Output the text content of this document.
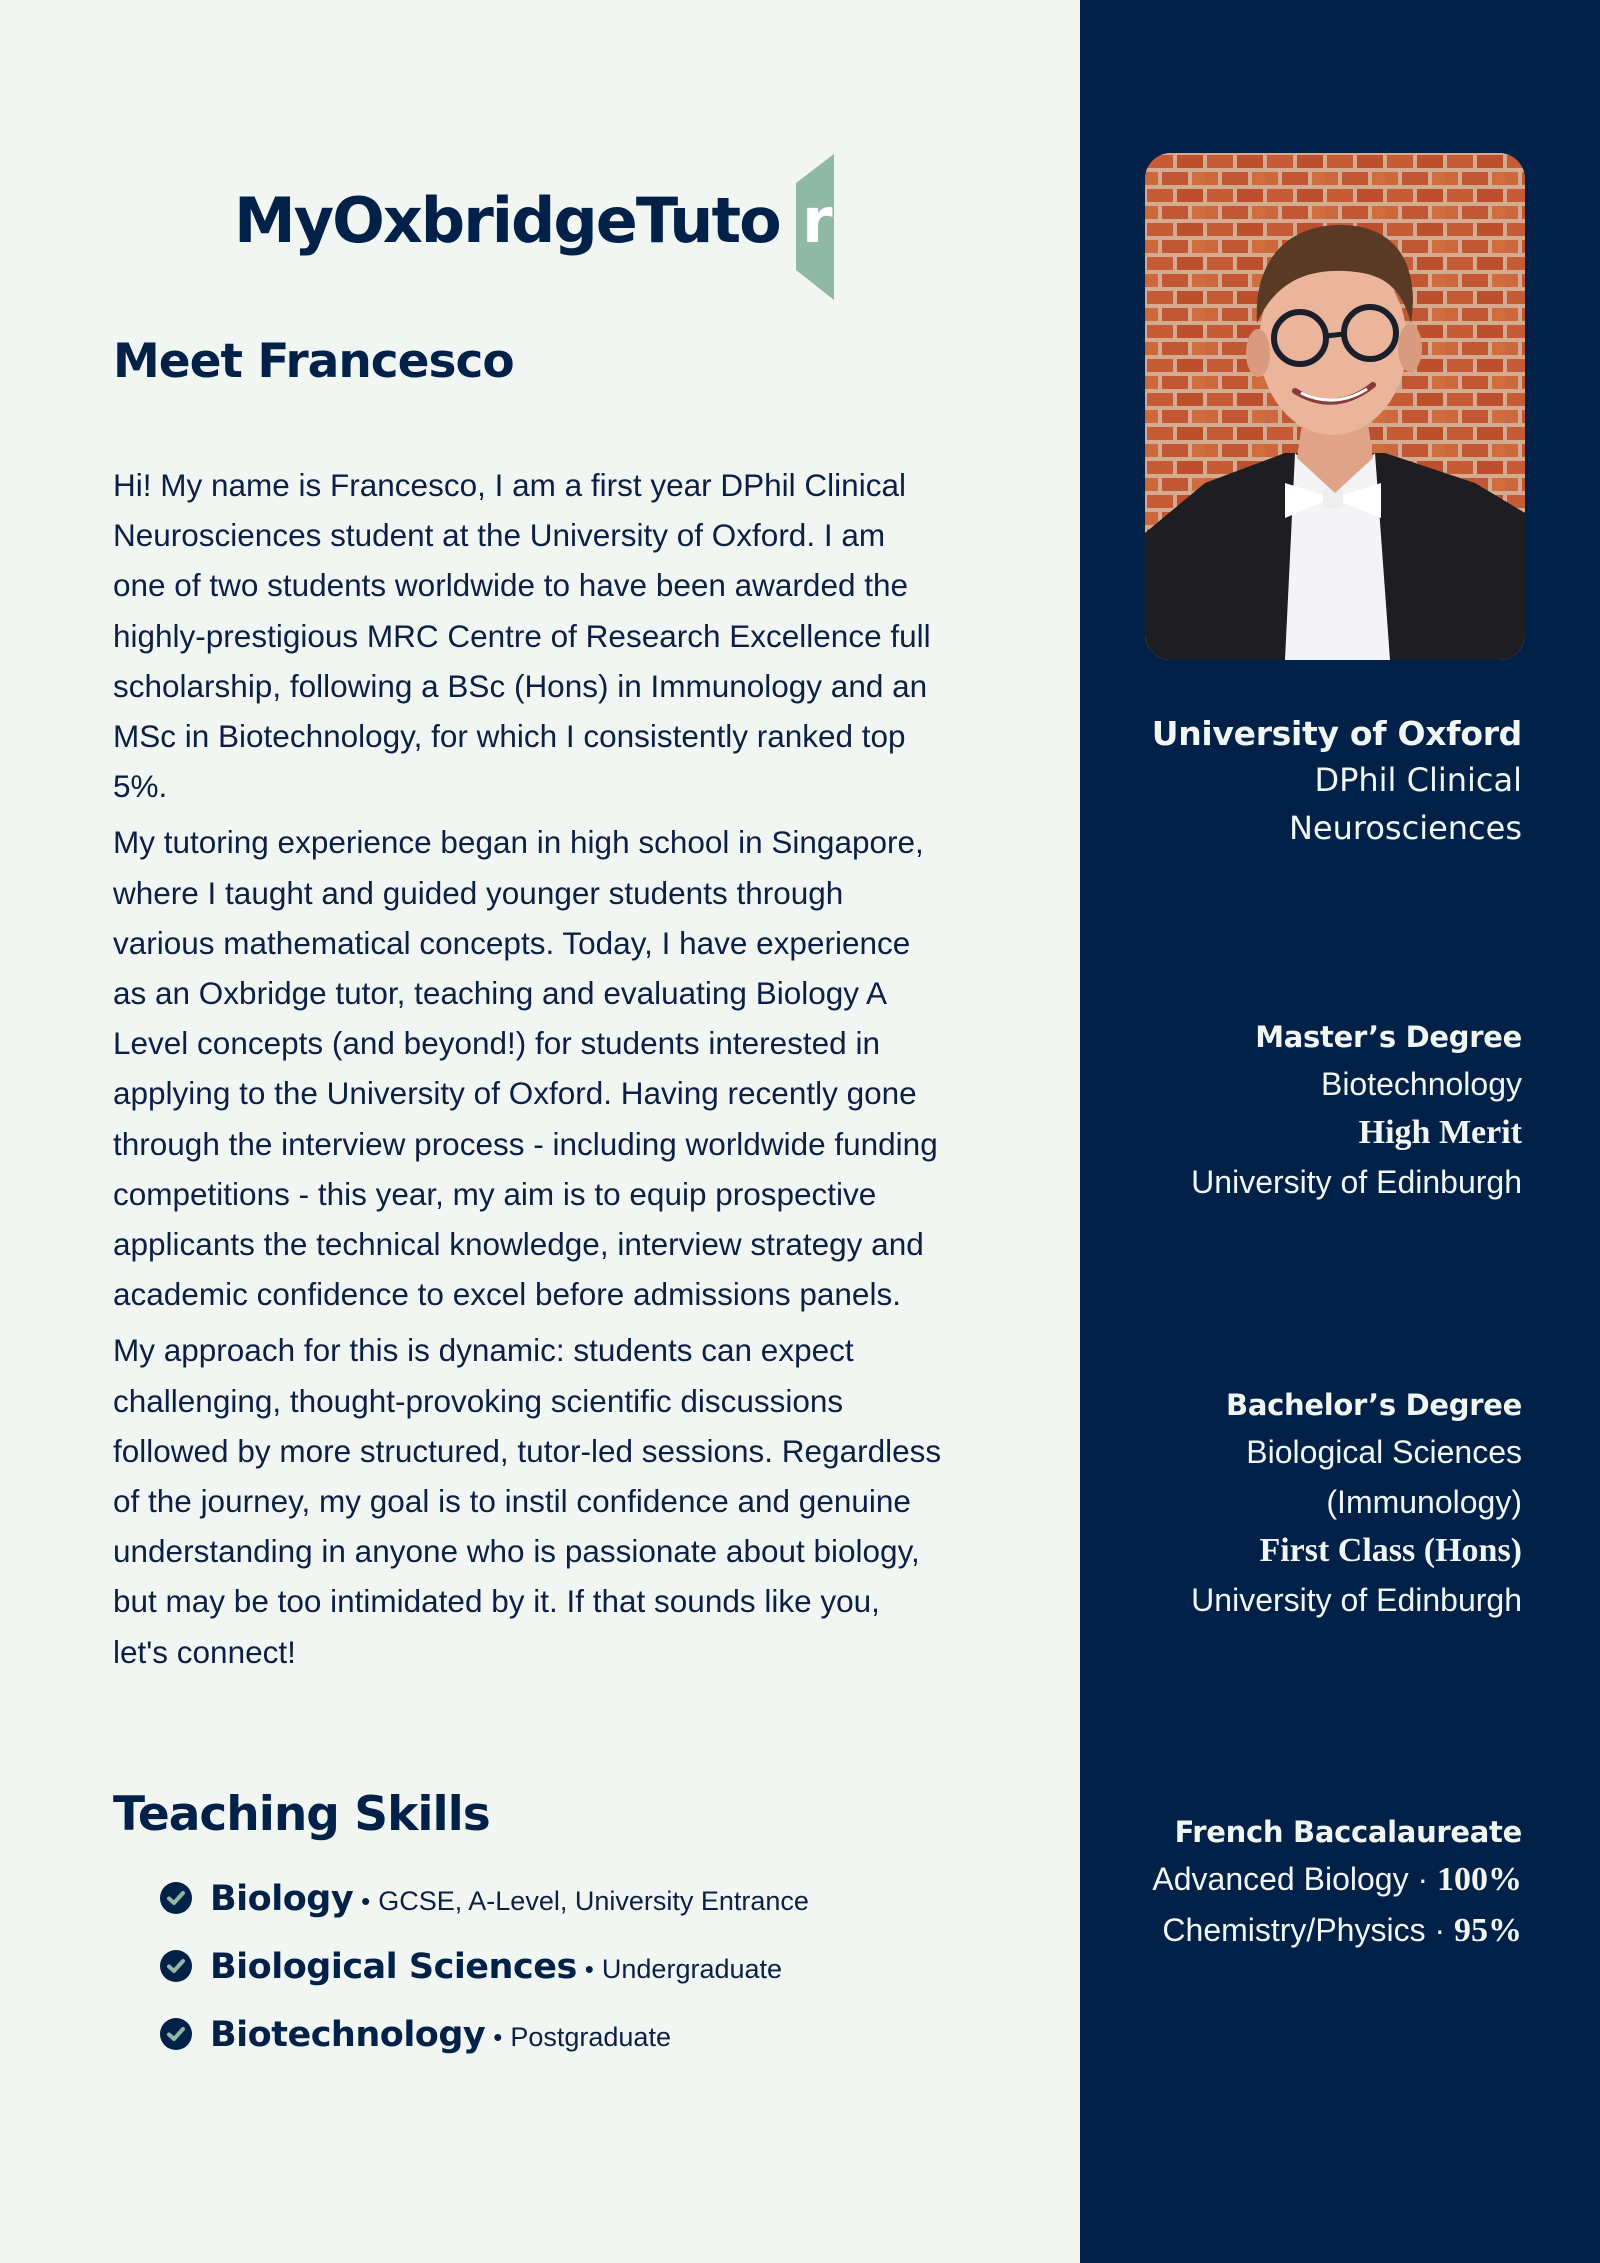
MyOxbridgeTuto r
Meet Francesco

Hi! My name is Francesco, I am a first year DPhil Clinical Neurosciences student at the University of Oxford. I am one of two students worldwide to have been awarded the highly-prestigious MRC Centre of Research Excellence full scholarship, following a BSc (Hons) in Immunology and an MSc in Biotechnology, for which I consistently ranked top 5%.

My tutoring experience began in high school in Singapore, where I taught and guided younger students through various mathematical concepts. Today, I have experience as an Oxbridge tutor, teaching and evaluating Biology A Level concepts (and beyond!) for students interested in applying to the University of Oxford. Having recently gone through the interview process - including worldwide funding competitions - this year, my aim is to equip prospective applicants the technical knowledge, interview strategy and academic confidence to excel before admissions panels.

My approach for this is dynamic: students can expect challenging, thought-provoking scientific discussions followed by more structured, tutor-led sessions. Regardless of the journey, my goal is to instil confidence and genuine understanding in anyone who is passionate about biology, but may be too intimidated by it. If that sounds like you, let's connect!

Teaching Skills
Biology • GCSE, A-Level, University Entrance
Biological Sciences • Undergraduate
Biotechnology • Postgraduate
University of Oxford
DPhil Clinical
Neurosciences
Master’s Degree
Biotechnology
High Merit
University of Edinburgh
Bachelor’s Degree
Biological Sciences
(Immunology)
First Class (Hons)
University of Edinburgh
French Baccalaureate
Advanced Biology · 100%
Chemistry/Physics · 95%
